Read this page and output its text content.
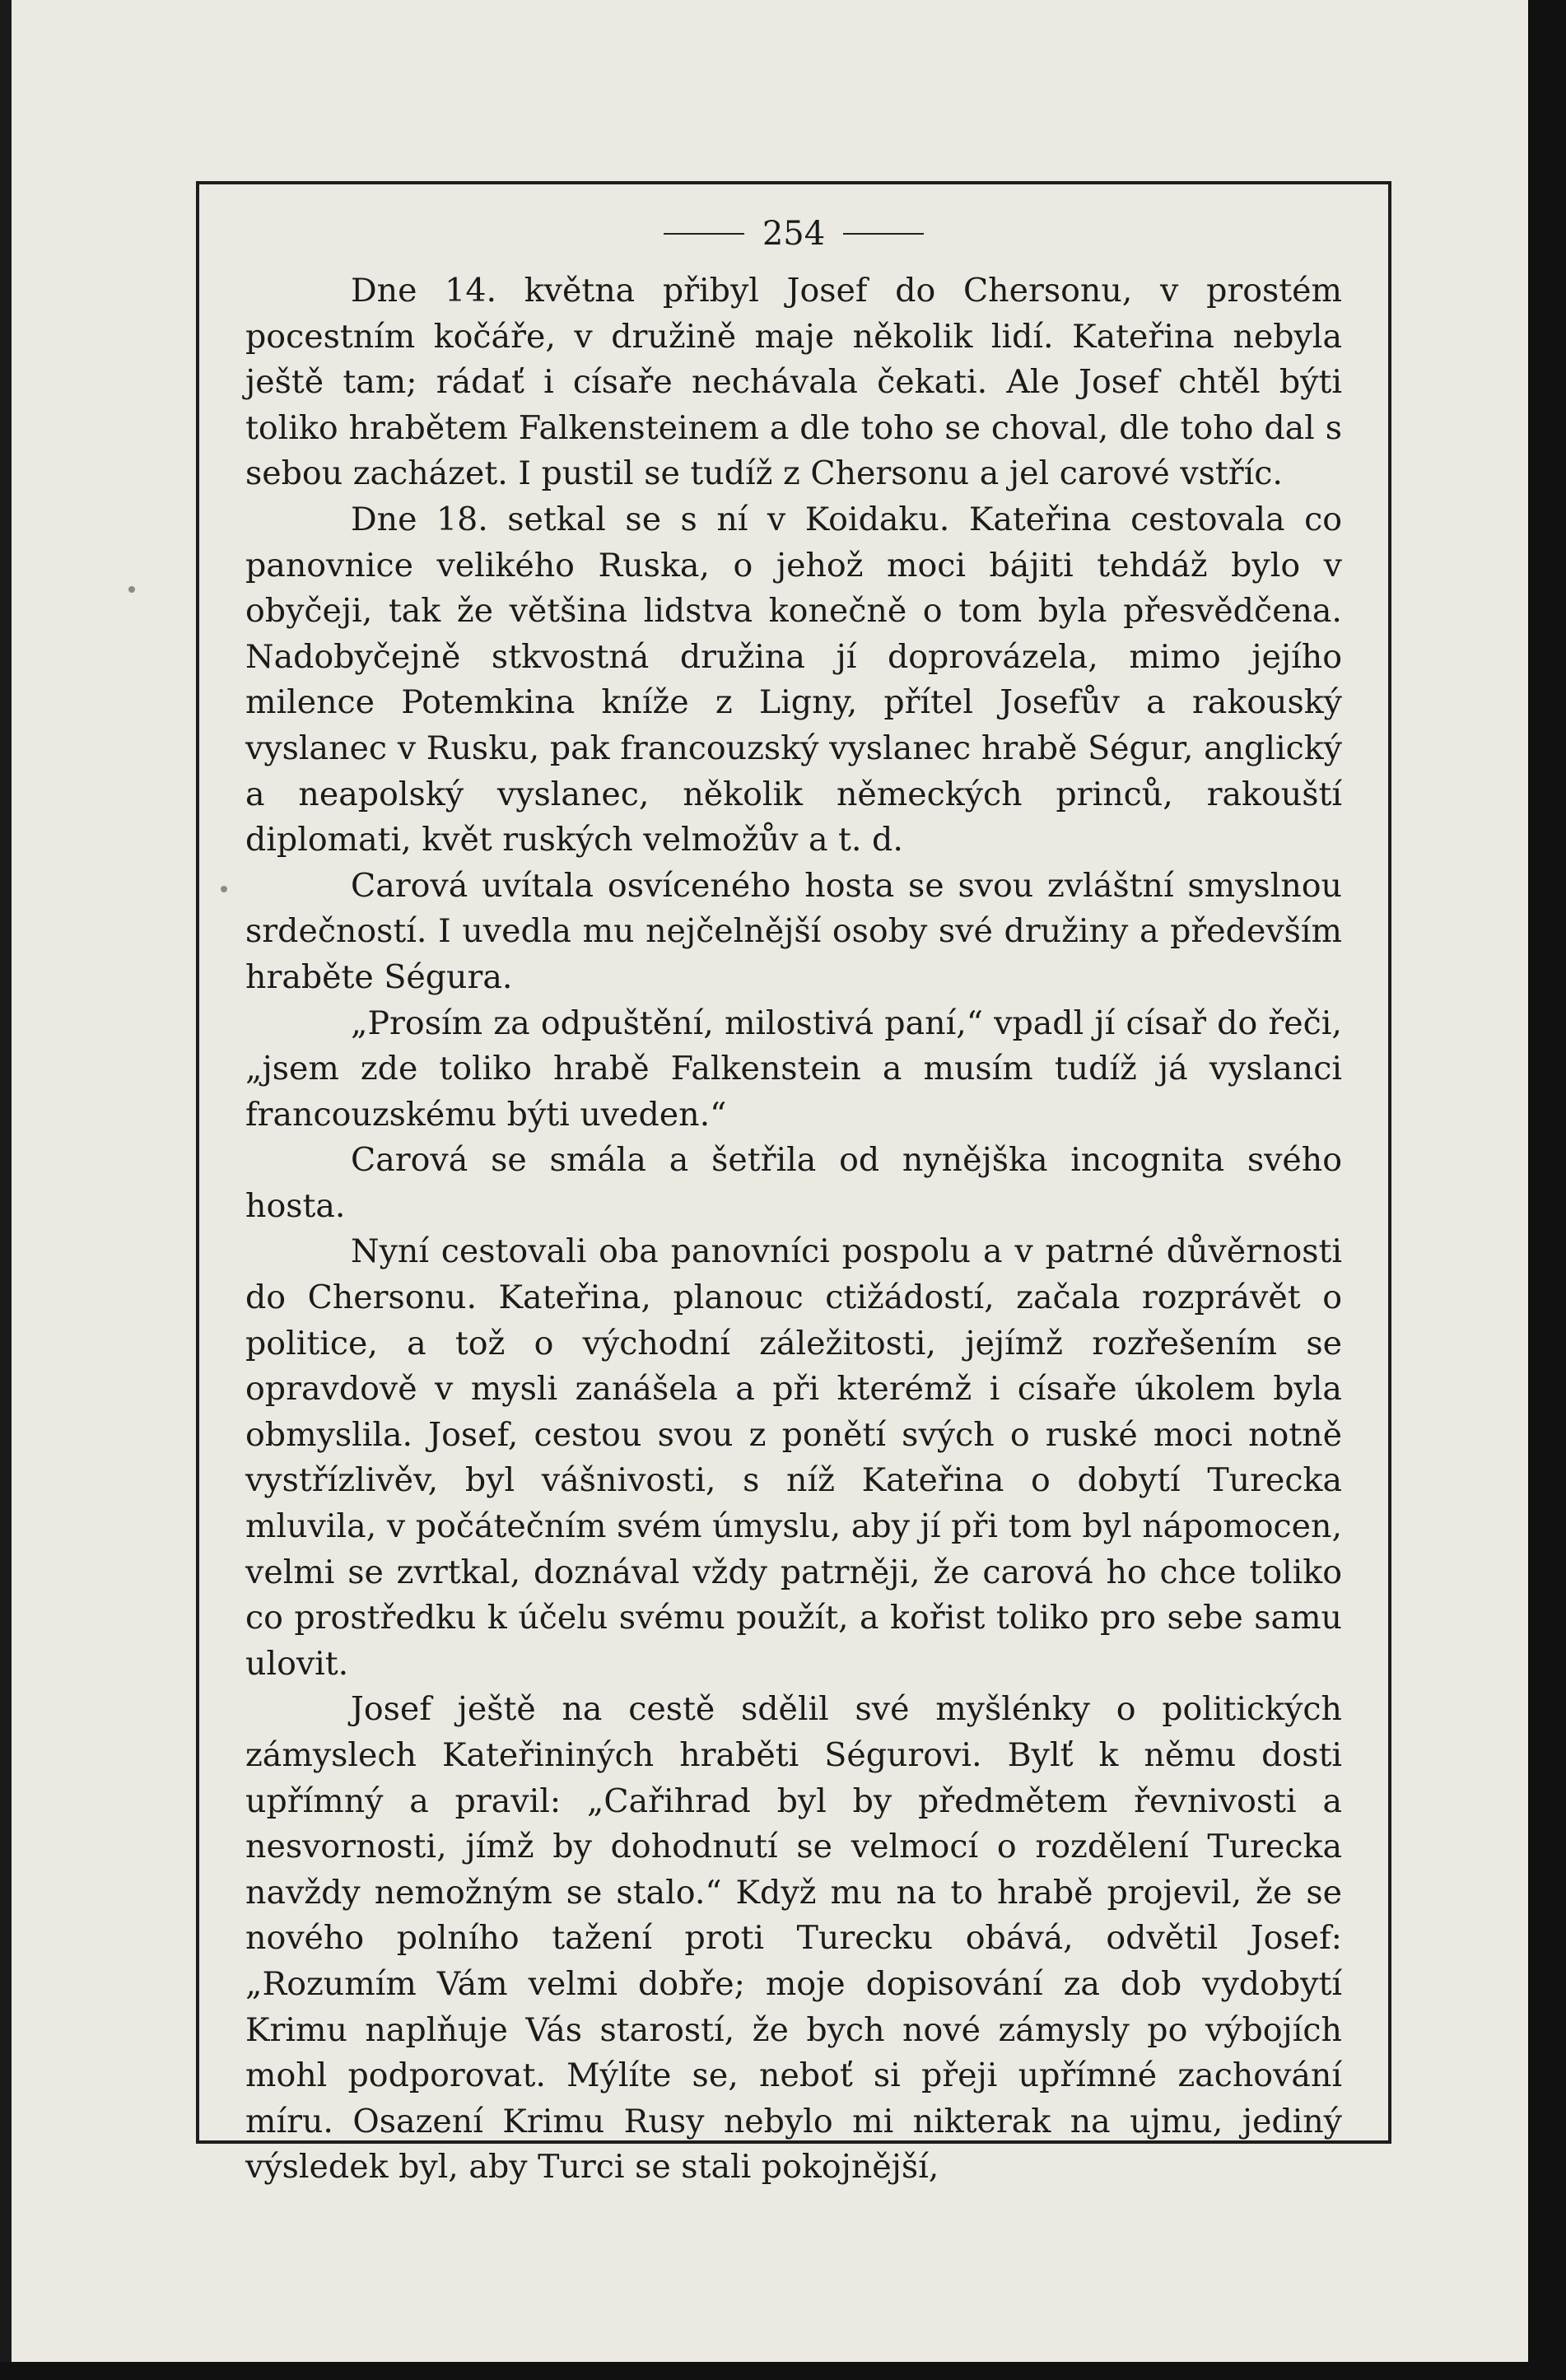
254

Dne 14. května přibyl Josef do Chersonu, v prostém pocestním kočáře, v družině maje několik lidí. Kateřina nebyla ještě tam; rádať i císaře nechávala čekati. Ale Josef chtěl býti toliko hrabětem Falkensteinem a dle toho se choval, dle toho dal s sebou zacházet. I pustil se tudíž z Chersonu a jel carové vstříc.

Dne 18. setkal se s ní v Koidaku. Kateřina cestovala co panovnice velikého Ruska, o jehož moci bájiti tehdáž bylo v obyčeji, tak že většina lidstva konečně o tom byla přesvědčena. Nadobyčejně stkvostná družina jí doprovázela, mimo jejího milence Potemkina kníže z Ligny, přítel Josefův a rakouský vyslanec v Rusku, pak francouzský vyslanec hrabě Ségur, anglický a neapolský vyslanec, několik německých princů, rakouští diplomati, květ ruských velmožův a t. d.

Carová uvítala osvíceného hosta se svou zvláštní smyslnou srdečností. I uvedla mu nejčelnější osoby své družiny a především hraběte Ségura.

„Prosím za odpuštění, milostivá paní,“ vpadl jí císař do řeči, „jsem zde toliko hrabě Falkenstein a musím tudíž já vyslanci francouzskému býti uveden.“

Carová se smála a šetřila od nynějška incognita svého hosta.

Nyní cestovali oba panovníci pospolu a v patrné důvěrnosti do Chersonu. Kateřina, planouc ctižádostí, začala rozprávět o politice, a tož o východní záležitosti, jejímž rozřešením se opravdově v mysli zanášela a při kterémž i císaře úkolem byla obmyslila. Josef, cestou svou z ponětí svých o ruské moci notně vystřízlivěv, byl vášnivosti, s níž Kateřina o dobytí Turecka mluvila, v počátečním svém úmyslu, aby jí při tom byl nápomocen, velmi se zvrtkal, doznával vždy patrněji, že carová ho chce toliko co prostředku k účelu svému použít, a kořist toliko pro sebe samu ulovit.

Josef ještě na cestě sdělil své myšlénky o politických zámyslech Kateřininých hraběti Ségurovi. Bylť k němu dosti upřímný a pravil: „Cařihrad byl by předmětem řevnivosti a nesvornosti, jímž by dohodnutí se velmocí o rozdělení Turecka navždy nemožným se stalo.“ Když mu na to hrabě projevil, že se nového polního tažení proti Turecku obává, odvětil Josef: „Rozumím Vám velmi dobře; moje dopisování za dob vydobytí Krimu naplňuje Vás starostí, že bych nové zámysly po výbojích mohl podporovat. Mýlíte se, neboť si přeji upřímné zachování míru. Osazení Krimu Rusy nebylo mi nikterak na ujmu, jediný výsledek byl, aby Turci se stali pokojnější,
